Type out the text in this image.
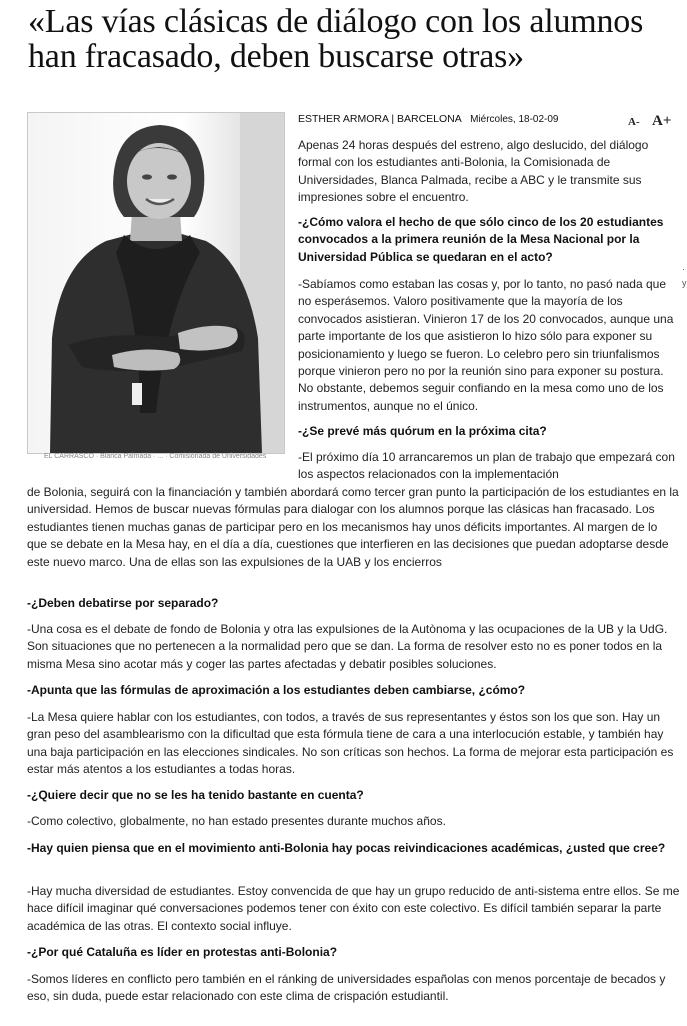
«Las vías clásicas de diálogo con los alumnos han fracasado, deben buscarse otras»
EL CARRASCO · Blanca Palmada · ... · Comisionada de Universidades
ESTHER ARMORA | BARCELONA Miércoles, 18-02-09	A- A+
·
y

Apenas 24 horas después del estreno, algo deslucido, del diálogo formal con los estudiantes anti-Bolonia, la Comisionada de Universidades, Blanca Palmada, recibe a ABC y le transmite sus impresiones sobre el encuentro.

-¿Cómo valora el hecho de que sólo cinco de los 20 estudiantes convocados a la primera reunión de la Mesa Nacional por la Universidad Pública se quedaran en el acto?

-Sabíamos como estaban las cosas y, por lo tanto, no pasó nada que no esperásemos. Valoro positivamente que la mayoría de los convocados asistieran. Vinieron 17 de los 20 convocados, aunque una parte importante de los que asistieron lo hizo sólo para exponer su posicionamiento y luego se fueron. Lo celebro pero sin triunfalismos porque vinieron pero no por la reunión sino para exponer su postura. No obstante, debemos seguir confiando en la mesa como uno de los instrumentos, aunque no el único.

-¿Se prevé más quórum en la próxima cita?

-El próximo día 10 arrancaremos un plan de trabajo que empezará con los aspectos relacionados con la implementación

de Bolonia, seguirá con la financiación y también abordará como tercer gran punto la participación de los estudiantes en la universidad. Hemos de buscar nuevas fórmulas para dialogar con los alumnos porque las clásicas han fracasado. Los estudiantes tienen muchas ganas de participar pero en los mecanismos hay unos déficits importantes. Al margen de lo que se debate en la Mesa hay, en el día a día, cuestiones que interfieren en las decisiones que puedan adoptarse desde este nuevo marco. Una de ellas son las expulsiones de la UAB y los encierros

-¿Deben debatirse por separado?

-Una cosa es el debate de fondo de Bolonia y otra las expulsiones de la Autònoma y las ocupaciones de la UB y la UdG. Son situaciones que no pertenecen a la normalidad pero que se dan. La forma de resolver esto no es poner todos en la misma Mesa sino acotar más y coger las partes afectadas y debatir posibles soluciones.

-Apunta que las fórmulas de aproximación a los estudiantes deben cambiarse, ¿cómo?

-La Mesa quiere hablar con los estudiantes, con todos, a través de sus representantes y éstos son los que son. Hay un gran peso del asamblearismo con la dificultad que esta fórmula tiene de cara a una interlocución estable, y también hay una baja participación en las elecciones sindicales. No son críticas son hechos. La forma de mejorar esta participación es estar más atentos a los estudiantes a todas horas.

-¿Quiere decir que no se les ha tenido bastante en cuenta?

-Como colectivo, globalmente, no han estado presentes durante muchos años.

-Hay quien piensa que en el movimiento anti-Bolonia hay pocas reivindicaciones académicas, ¿usted que cree?

-Hay mucha diversidad de estudiantes. Estoy convencida de que hay un grupo reducido de anti-sistema entre ellos. Se me hace difícil imaginar qué conversaciones podemos tener con éxito con este colectivo. Es difícil también separar la parte académica de las otras. El contexto social influye.

-¿Por qué Cataluña es líder en protestas anti-Bolonia?

-Somos líderes en conflicto pero también en el ránking de universidades españolas con menos porcentaje de becados y eso, sin duda, puede estar relacionado con este clima de crispación estudiantil.
